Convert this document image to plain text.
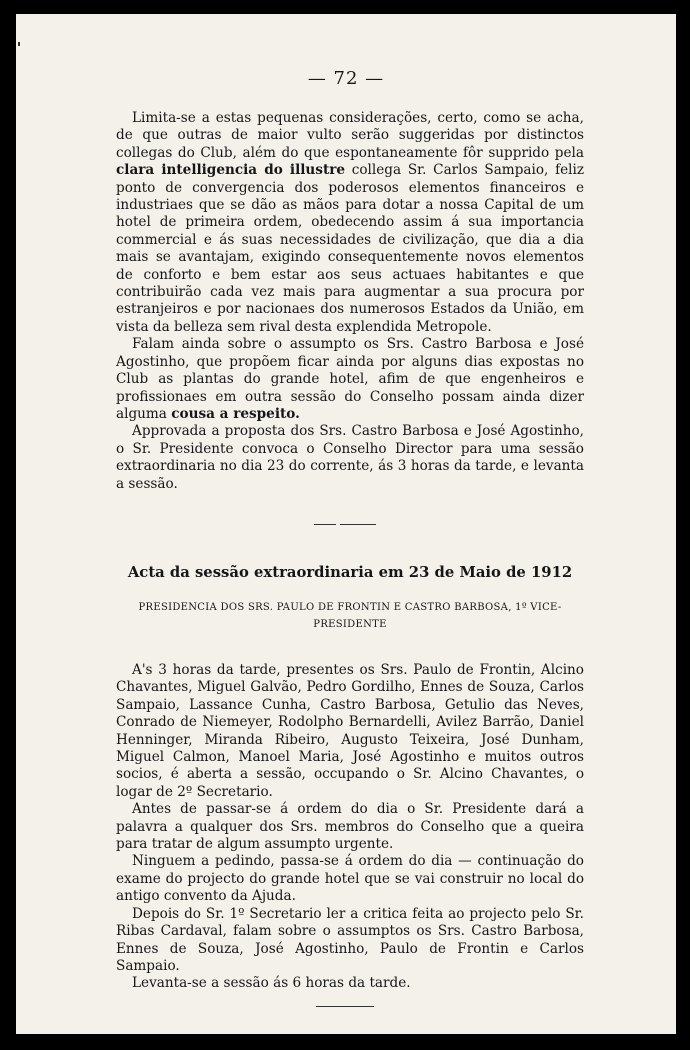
— 72 —

Limita-se a estas pequenas considerações, certo, como se acha, de que outras de maior vulto serão suggeridas por distinctos collegas do Club, além do que espontaneamente fôr supprido pela clara intelligencia do illustre collega Sr. Carlos Sampaio, feliz ponto de convergencia dos poderosos elementos financeiros e industriaes que se dão as mãos para dotar a nossa Capital de um hotel de primeira ordem, obedecendo assim á sua importancia commercial e ás suas necessidades de civilização, que dia a dia mais se avantajam, exigindo consequentemente novos elementos de conforto e bem estar aos seus actuaes habitantes e que contribuirão cada vez mais para augmentar a sua procura por estranjeiros e por nacionaes dos numerosos Estados da União, em vista da belleza sem rival desta explendida Metropole.

Falam ainda sobre o assumpto os Srs. Castro Barbosa e José Agostinho, que propõem ficar ainda por alguns dias expostas no Club as plantas do grande hotel, afim de que engenheiros e profissionaes em outra sessão do Conselho possam ainda dizer alguma cousa a respeito.

Approvada a proposta dos Srs. Castro Barbosa e José Agostinho, o Sr. Presidente convoca o Conselho Director para uma sessão extraordinaria no dia 23 do corrente, ás 3 horas da tarde, e levanta a sessão.

Acta da sessão extraordinaria em 23 de Maio de 1912
PRESIDENCIA DOS SRS. PAULO DE FRONTIN E CASTRO BARBOSA, 1º VICE-PRESIDENTE

A's 3 horas da tarde, presentes os Srs. Paulo de Frontin, Alcino Chavantes, Miguel Galvão, Pedro Gordilho, Ennes de Souza, Carlos Sampaio, Lassance Cunha, Castro Barbosa, Getulio das Neves, Conrado de Niemeyer, Rodolpho Bernardelli, Avilez Barrão, Daniel Henninger, Miranda Ribeiro, Augusto Teixeira, José Dunham, Miguel Calmon, Manoel Maria, José Agostinho e muitos outros socios, é aberta a sessão, occupando o Sr. Alcino Chavantes, o logar de 2º Secretario.

Antes de passar-se á ordem do dia o Sr. Presidente dará a palavra a qualquer dos Srs. membros do Conselho que a queira para tratar de algum assumpto urgente.

Ninguem a pedindo, passa-se á ordem do dia — continuação do exame do projecto do grande hotel que se vai construir no local do antigo convento da Ajuda.

Depois do Sr. 1º Secretario ler a critica feita ao projecto pelo Sr. Ribas Cardaval, falam sobre o assumptos os Srs. Castro Barbosa, Ennes de Souza, José Agostinho, Paulo de Frontin e Carlos Sampaio.

Levanta-se a sessão ás 6 horas da tarde.
